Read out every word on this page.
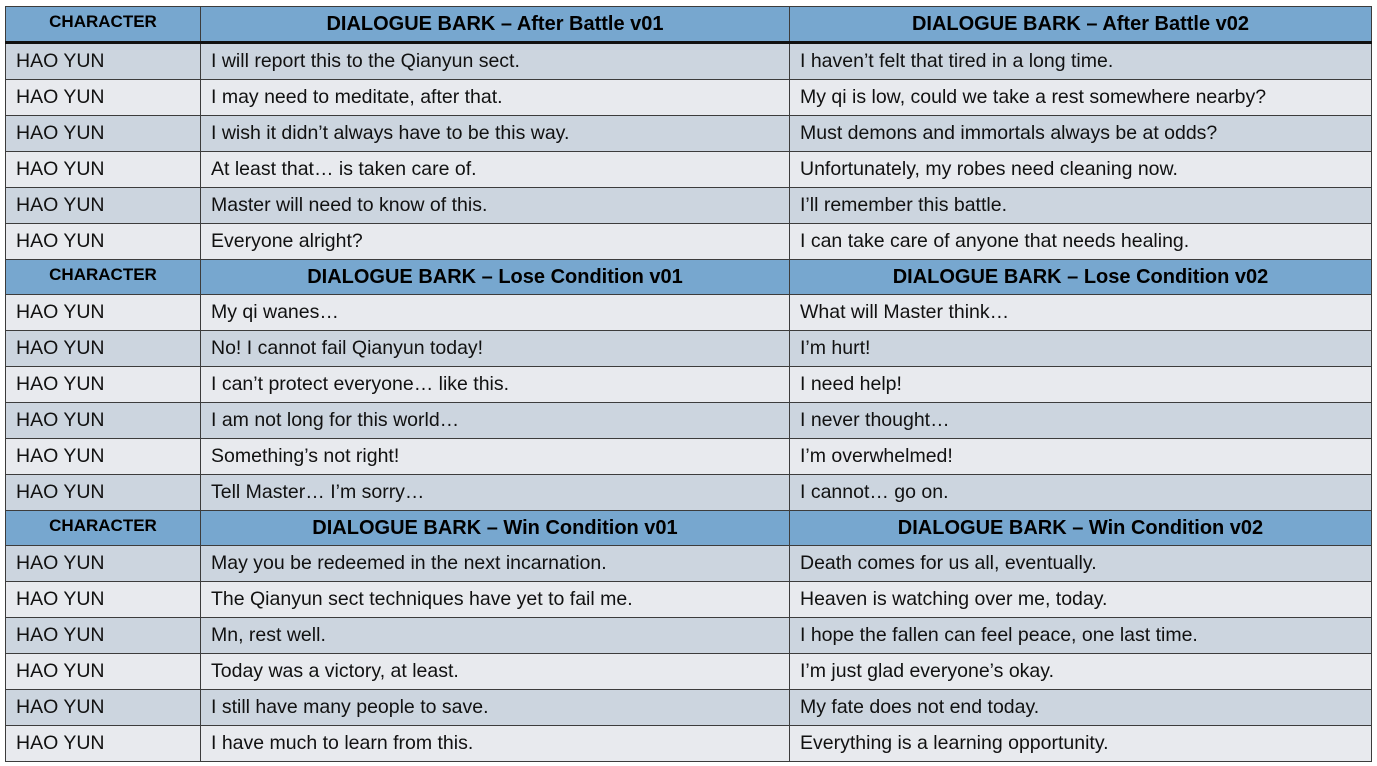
CHARACTER	DIALOGUE BARK – After Battle v01	DIALOGUE BARK – After Battle v02
HAO YUN	I will report this to the Qianyun sect.	I haven’t felt that tired in a long time.
HAO YUN	I may need to meditate, after that.	My qi is low, could we take a rest somewhere nearby?
HAO YUN	I wish it didn’t always have to be this way.	Must demons and immortals always be at odds?
HAO YUN	At least that… is taken care of.	Unfortunately, my robes need cleaning now.
HAO YUN	Master will need to know of this.	I’ll remember this battle.
HAO YUN	Everyone alright?	I can take care of anyone that needs healing.
CHARACTER	DIALOGUE BARK – Lose Condition v01	DIALOGUE BARK – Lose Condition v02
HAO YUN	My qi wanes…	What will Master think…
HAO YUN	No! I cannot fail Qianyun today!	I’m hurt!
HAO YUN	I can’t protect everyone… like this.	I need help!
HAO YUN	I am not long for this world…	I never thought…
HAO YUN	Something’s not right!	I’m overwhelmed!
HAO YUN	Tell Master… I’m sorry…	I cannot… go on.
CHARACTER	DIALOGUE BARK – Win Condition v01	DIALOGUE BARK – Win Condition v02
HAO YUN	May you be redeemed in the next incarnation.	Death comes for us all, eventually.
HAO YUN	The Qianyun sect techniques have yet to fail me.	Heaven is watching over me, today.
HAO YUN	Mn, rest well.	I hope the fallen can feel peace, one last time.
HAO YUN	Today was a victory, at least.	I’m just glad everyone’s okay.
HAO YUN	I still have many people to save.	My fate does not end today.
HAO YUN	I have much to learn from this.	Everything is a learning opportunity.
